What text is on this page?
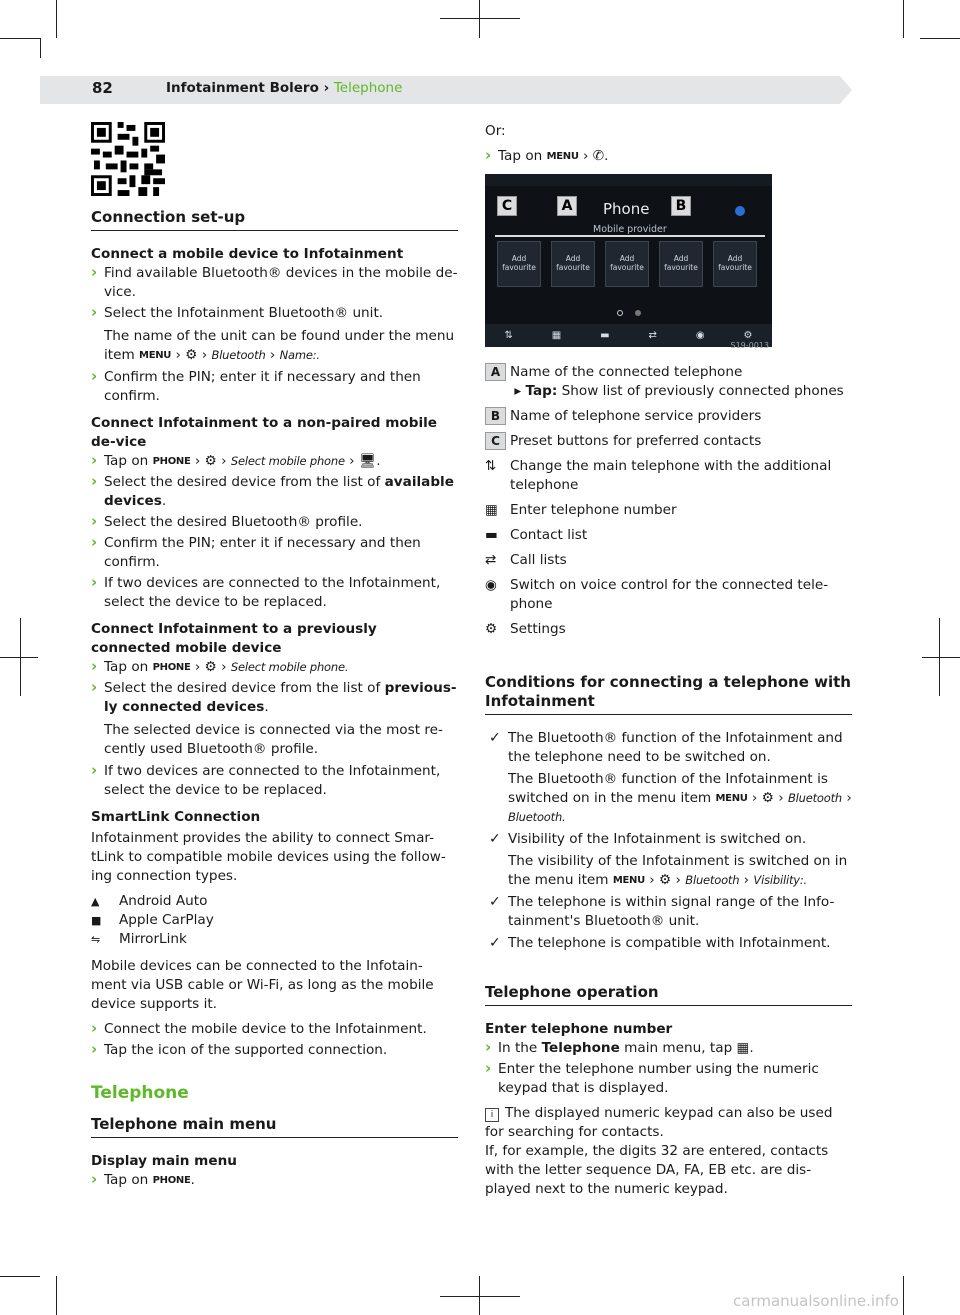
82	Infotainment Bolero › Telephone
Connection set-up
Connect a mobile device to Infotainment
› Find available Bluetooth® devices in the mobile de-vice.
› Select the Infotainment Bluetooth® unit.
The name of the unit can be found under the menu item MENU › ⚙ › Bluetooth › Name:.
› Confirm the PIN; enter it if necessary and then confirm.
Connect Infotainment to a non-paired mobile de-vice
› Tap on PHONE › ⚙ › Select mobile phone › 🖥.
› Select the desired device from the list of available devices.
› Select the desired Bluetooth® profile.
› Confirm the PIN; enter it if necessary and then confirm.
› If two devices are connected to the Infotainment, select the device to be replaced.
Connect Infotainment to a previously connected mobile device
› Tap on PHONE › ⚙ › Select mobile phone.
› Select the desired device from the list of previous-ly connected devices.
The selected device is connected via the most re-cently used Bluetooth® profile.
› If two devices are connected to the Infotainment, select the device to be replaced.
SmartLink Connection
Infotainment provides the ability to connect Smar-tLink to compatible mobile devices using the follow-ing connection types.
▲	Android Auto
■	Apple CarPlay
⇋	MirrorLink
Mobile devices can be connected to the Infotain-ment via USB cable or Wi-Fi, as long as the mobile device supports it.
› Connect the mobile device to the Infotainment.
› Tap the icon of the supported connection.
Telephone
Telephone main menu
Display main menu
› Tap on PHONE.
Or:
› Tap on MENU › ✆.
C	A	B
Phone
Mobile provider
Add
favourite
Add
favourite
Add
favourite
Add
favourite
Add
favourite
⇅	▦	▬	⇄	◉	⚙
S19-0013
A Name of the connected telephone
▸ Tap: Show list of previously connected phones
B Name of telephone service providers
C Preset buttons for preferred contacts
⇅	Change the main telephone with the additional telephone
▦ Enter telephone number
▬ Contact list
⇄	Call lists
◉ Switch on voice control for the connected tele-phone
⚙ Settings
Conditions for connecting a telephone with Infotainment
✓ The Bluetooth® function of the Infotainment and the telephone need to be switched on.
The Bluetooth® function of the Infotainment is switched on in the menu item MENU › ⚙ › Bluetooth › Bluetooth.
✓ Visibility of the Infotainment is switched on.
The visibility of the Infotainment is switched on in the menu item MENU › ⚙ › Bluetooth › Visibility:.
✓ The telephone is within signal range of the Info-tainment's Bluetooth® unit.
✓ The telephone is compatible with Infotainment.
Telephone operation
Enter telephone number
› In the Telephone main menu, tap ▦.
› Enter the telephone number using the numeric keypad that is displayed.
i The displayed numeric keypad can also be used for searching for contacts.
If, for example, the digits 32 are entered, contacts with the letter sequence DA, FA, EB etc. are dis-played next to the numeric keypad.
carmanualsonline.info
